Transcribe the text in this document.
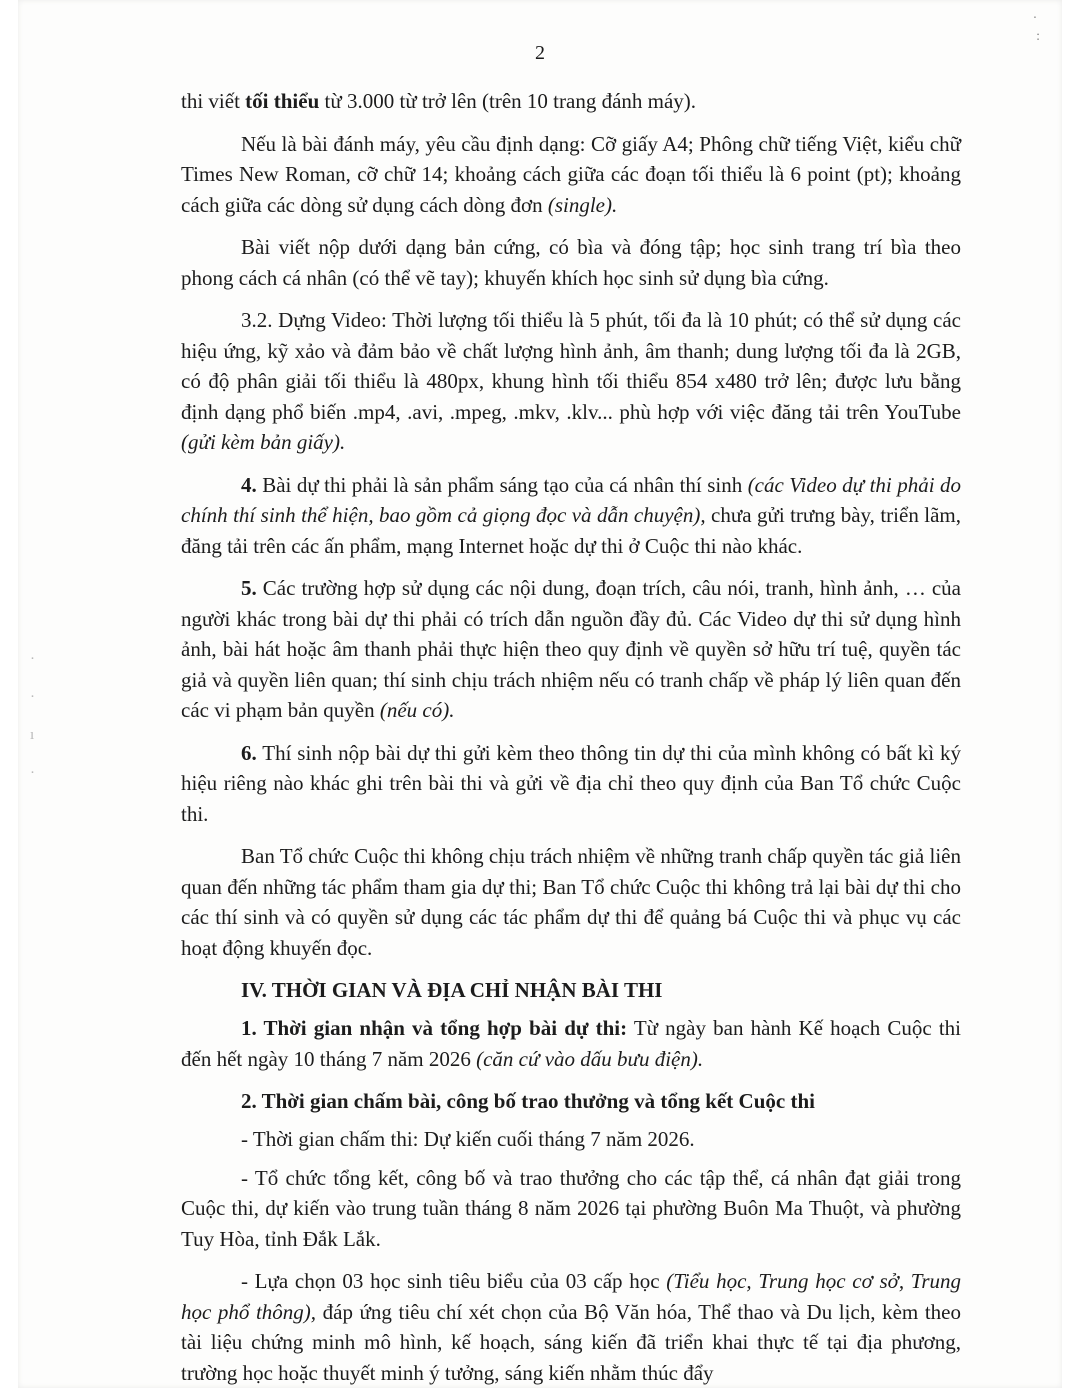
·
:
·
·
ı
·
2

thi viết tối thiểu từ 3.000 từ trở lên (trên 10 trang đánh máy).

Nếu là bài đánh máy, yêu cầu định dạng: Cỡ giấy A4; Phông chữ tiếng Việt, kiểu chữ Times New Roman, cỡ chữ 14; khoảng cách giữa các đoạn tối thiểu là 6 point (pt); khoảng cách giữa các dòng sử dụng cách dòng đơn (single).

Bài viết nộp dưới dạng bản cứng, có bìa và đóng tập; học sinh trang trí bìa theo phong cách cá nhân (có thể vẽ tay); khuyến khích học sinh sử dụng bìa cứng.

3.2. Dựng Video: Thời lượng tối thiểu là 5 phút, tối đa là 10 phút; có thể sử dụng các hiệu ứng, kỹ xảo và đảm bảo về chất lượng hình ảnh, âm thanh; dung lượng tối đa là 2GB, có độ phân giải tối thiểu là 480px, khung hình tối thiểu 854 x480 trở lên; được lưu bằng định dạng phổ biến .mp4, .avi, .mpeg, .mkv, .klv... phù hợp với việc đăng tải trên YouTube (gửi kèm bản giấy).

4. Bài dự thi phải là sản phẩm sáng tạo của cá nhân thí sinh (các Video dự thi phải do chính thí sinh thể hiện, bao gồm cả giọng đọc và dẫn chuyện), chưa gửi trưng bày, triển lãm, đăng tải trên các ấn phẩm, mạng Internet hoặc dự thi ở Cuộc thi nào khác.

5. Các trường hợp sử dụng các nội dung, đoạn trích, câu nói, tranh, hình ảnh, … của người khác trong bài dự thi phải có trích dẫn nguồn đầy đủ. Các Video dự thi sử dụng hình ảnh, bài hát hoặc âm thanh phải thực hiện theo quy định về quyền sở hữu trí tuệ, quyền tác giả và quyền liên quan; thí sinh chịu trách nhiệm nếu có tranh chấp về pháp lý liên quan đến các vi phạm bản quyền (nếu có).

6. Thí sinh nộp bài dự thi gửi kèm theo thông tin dự thi của mình không có bất kì ký hiệu riêng nào khác ghi trên bài thi và gửi về địa chỉ theo quy định của Ban Tổ chức Cuộc thi.

Ban Tổ chức Cuộc thi không chịu trách nhiệm về những tranh chấp quyền tác giả liên quan đến những tác phẩm tham gia dự thi; Ban Tổ chức Cuộc thi không trả lại bài dự thi cho các thí sinh và có quyền sử dụng các tác phẩm dự thi để quảng bá Cuộc thi và phục vụ các hoạt động khuyến đọc.

IV. THỜI GIAN VÀ ĐỊA CHỈ NHẬN BÀI THI

1. Thời gian nhận và tổng hợp bài dự thi: Từ ngày ban hành Kế hoạch Cuộc thi đến hết ngày 10 tháng 7 năm 2026 (căn cứ vào dấu bưu điện).

2. Thời gian chấm bài, công bố trao thưởng và tổng kết Cuộc thi

- Thời gian chấm thi: Dự kiến cuối tháng 7 năm 2026.

- Tổ chức tổng kết, công bố và trao thưởng cho các tập thể, cá nhân đạt giải trong Cuộc thi, dự kiến vào trung tuần tháng 8 năm 2026 tại phường Buôn Ma Thuột, và phường Tuy Hòa, tỉnh Đắk Lắk.

- Lựa chọn 03 học sinh tiêu biểu của 03 cấp học (Tiểu học, Trung học cơ sở, Trung học phổ thông), đáp ứng tiêu chí xét chọn của Bộ Văn hóa, Thể thao và Du lịch, kèm theo tài liệu chứng minh mô hình, kế hoạch, sáng kiến đã triển khai thực tế tại địa phương, trường học hoặc thuyết minh ý tưởng, sáng kiến nhằm thúc đẩy
